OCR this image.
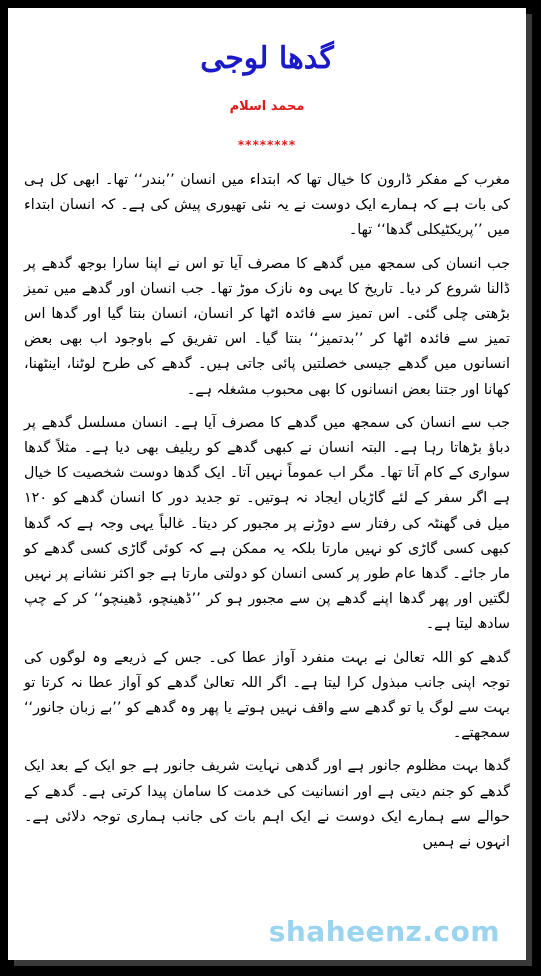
گدھا لوجی
محمد اسلام
********

مغرب کے مفکر ڈارون کا خیال تھا کہ ابتداء میں انسان ’’بندر‘‘ تھا۔ ابھی کل ہی کی بات ہے کہ ہمارے ایک دوست نے یہ نئی تھیوری پیش کی ہے۔ کہ انسان ابتداء میں ’’پریکٹیکلی گدھا‘‘ تھا۔

جب انسان کی سمجھ میں گدھے کا مصرف آیا تو اس نے اپنا سارا بوجھ گدھے پر ڈالنا شروع کر دیا۔ تاریخ کا یہی وہ نازک موڑ تھا۔ جب انسان اور گدھے میں تمیز بڑھتی چلی گئی۔ اس تمیز سے فائدہ اٹھا کر انسان، انسان بنتا گیا اور گدھا اس تمیز سے فائدہ اٹھا کر ’’بدتمیز‘‘ بنتا گیا۔ اس تفریق کے باوجود اب بھی بعض انسانوں میں گدھے جیسی خصلتیں پائی جاتی ہیں۔ گدھے کی طرح لوٹنا، اینٹھنا، کھانا اور جتنا بعض انسانوں کا بھی محبوب مشغلہ ہے۔

جب سے انسان کی سمجھ میں گدھے کا مصرف آیا ہے۔ انسان مسلسل گدھے پر دباؤ بڑھاتا رہا ہے۔ البتہ انسان نے کبھی گدھے کو ریلیف بھی دیا ہے۔ مثلاً گدھا سواری کے کام آتا تھا۔ مگر اب عموماً نہیں آتا۔ ایک گدھا دوست شخصیت کا خیال ہے اگر سفر کے لئے گاڑیاں ایجاد نہ ہوتیں۔ تو جدید دور کا انسان گدھے کو ۱۲۰ میل فی گھنٹہ کی رفتار سے دوڑنے پر مجبور کر دیتا۔ غالباً یہی وجہ ہے کہ گدھا کبھی کسی گاڑی کو نہیں مارتا بلکہ یہ ممکن ہے کہ کوئی گاڑی کسی گدھے کو مار جائے۔ گدھا عام طور پر کسی انسان کو دولتی مارتا ہے جو اکثر نشانے پر نہیں لگتیں اور پھر گدھا اپنے گدھے پن سے مجبور ہو کر ’’ڈھینچو، ڈھینچو‘‘ کر کے چپ سادھ لیتا ہے۔

گدھے کو اللہ تعالیٰ نے بہت منفرد آواز عطا کی۔ جس کے ذریعے وہ لوگوں کی توجہ اپنی جانب مبذول کرا لیتا ہے۔ اگر اللہ تعالیٰ گدھے کو آواز عطا نہ کرتا تو بہت سے لوگ یا تو گدھے سے واقف نہیں ہوتے یا پھر وہ گدھے کو ’’بے زبان جانور‘‘ سمجھتے۔

گدھا بہت مظلوم جانور ہے اور گدھی نہایت شریف جانور ہے جو ایک کے بعد ایک گدھے کو جنم دیتی ہے اور انسانیت کی خدمت کا سامان پیدا کرتی ہے۔ گدھے کے حوالے سے ہمارے ایک دوست نے ایک اہم بات کی جانب ہماری توجہ دلائی ہے۔ انہوں نے ہمیں

shaheenz.com
